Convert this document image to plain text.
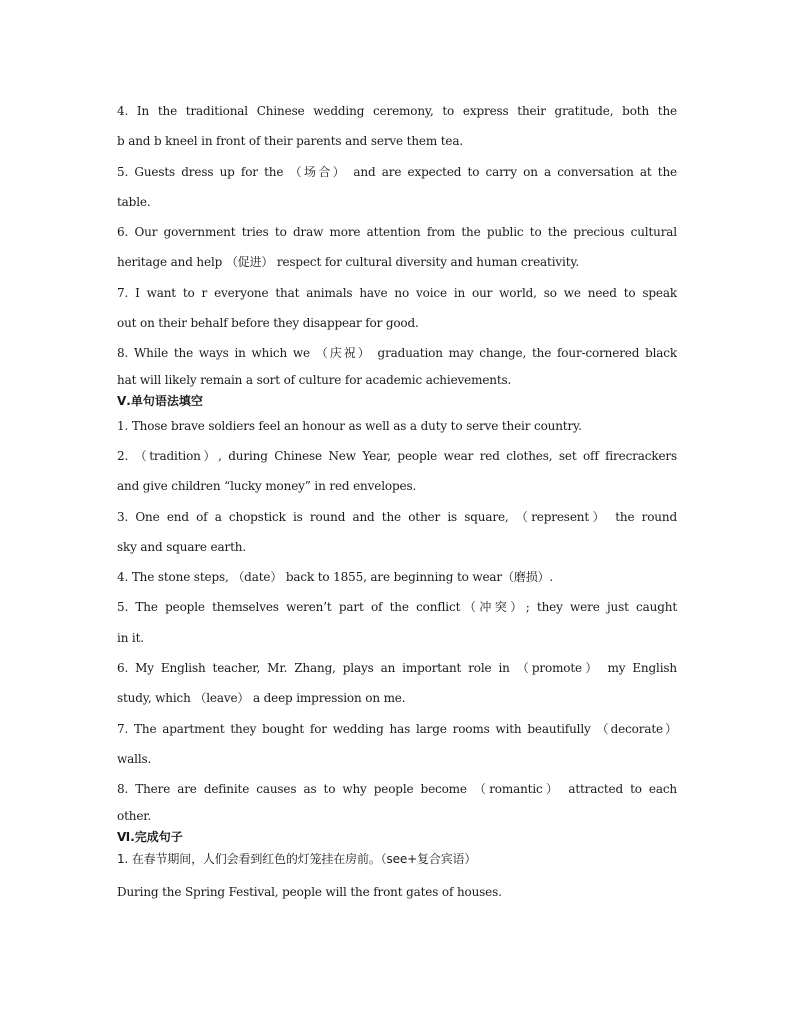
4. In the traditional Chinese wedding ceremony, to express their gratitude, both the
b and b kneel in front of their parents and serve them tea.
5. Guests dress up for the （场合） and are expected to carry on a conversation at the
table.
6. Our government tries to draw more attention from the public to the precious cultural
heritage and help （促进） respect for cultural diversity and human creativity.
7. I want to r everyone that animals have no voice in our world, so we need to speak
out on their behalf before they disappear for good.
8. While the ways in which we （庆祝） graduation may change, the four-cornered black
hat will likely remain a sort of culture for academic achievements.
Ⅴ.单句语法填空
1. Those brave soldiers feel an honour as well as a duty to serve their country.
2. （tradition）, during Chinese New Year, people wear red clothes, set off firecrackers
and give children “lucky money” in red envelopes.
3. One end of a chopstick is round and the other is square, （represent） the round
sky and square earth.
4. The stone steps, （date） back to 1855, are beginning to wear（磨损）.
5. The people themselves weren’t part of the conflict（冲突）; they were just caught
in it.
6. My English teacher, Mr. Zhang, plays an important role in （promote） my English
study, which （leave） a deep impression on me.
7. The apartment they bought for wedding has large rooms with beautifully （decorate）
walls.
8. There are definite causes as to why people become （romantic） attracted to each
other.
Ⅵ.完成句子
1. 在春节期间，人们会看到红色的灯笼挂在房前。（see+复合宾语）
During the Spring Festival, people will the front gates of houses.
